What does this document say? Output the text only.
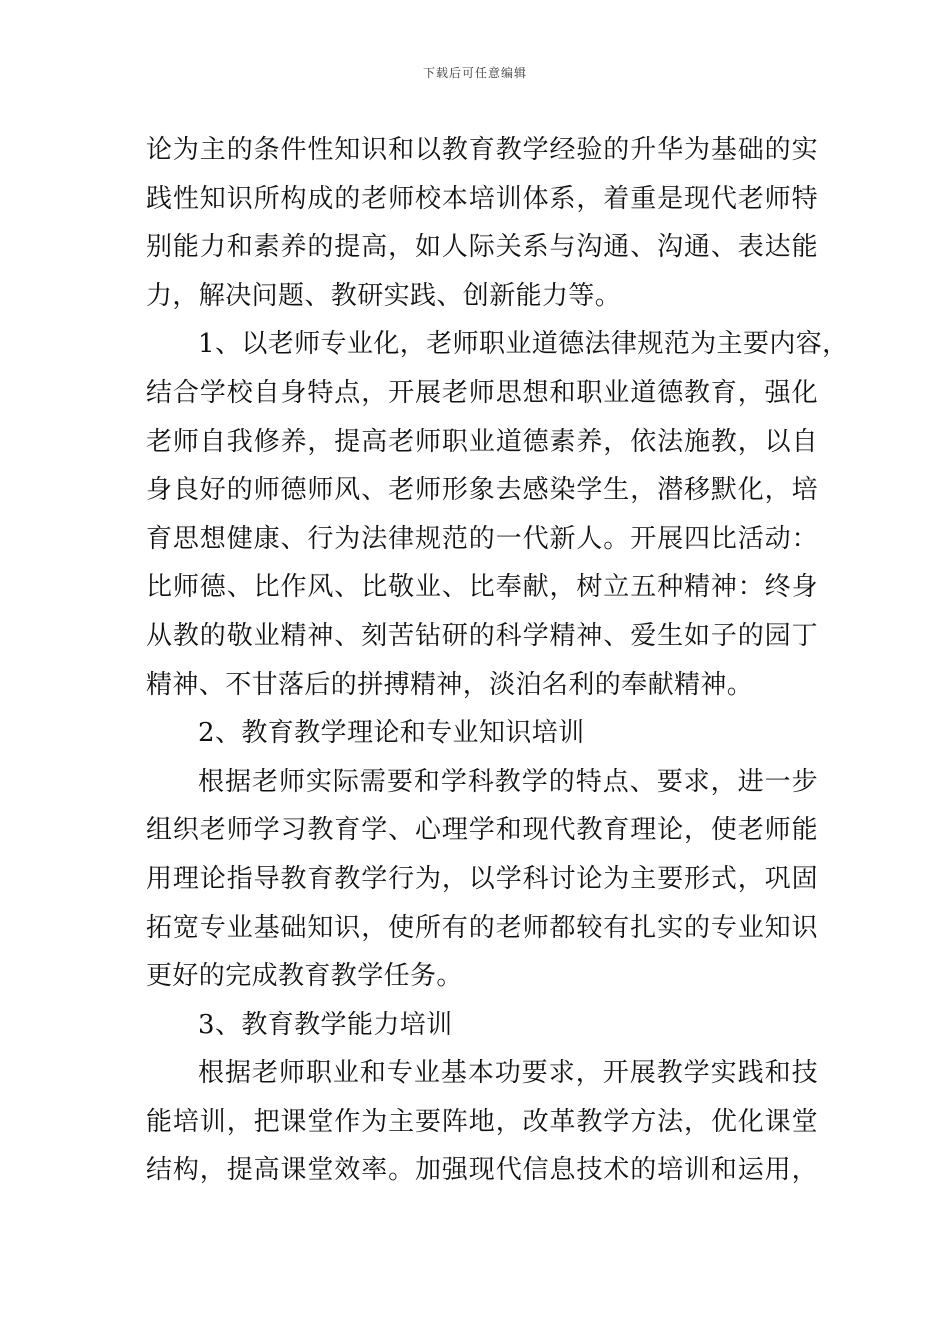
下载后可任意编辑
论为主的条件性知识和以教育教学经验的升华为基础的实
践性知识所构成的老师校本培训体系，着重是现代老师特
别能力和素养的提高，如人际关系与沟通、沟通、表达能
力，解决问题、教研实践、创新能力等。
1、以老师专业化，老师职业道德法律规范为主要内容，
结合学校自身特点，开展老师思想和职业道德教育，强化
老师自我修养，提高老师职业道德素养，依法施教，以自
身良好的师德师风、老师形象去感染学生，潜移默化，培
育思想健康、行为法律规范的一代新人。开展四比活动：
比师德、比作风、比敬业、比奉献，树立五种精神：终身
从教的敬业精神、刻苦钻研的科学精神、爱生如子的园丁
精神、不甘落后的拼搏精神，淡泊名利的奉献精神。
2、教育教学理论和专业知识培训
根据老师实际需要和学科教学的特点、要求，进一步
组织老师学习教育学、心理学和现代教育理论，使老师能
用理论指导教育教学行为，以学科讨论为主要形式，巩固
拓宽专业基础知识，使所有的老师都较有扎实的专业知识
更好的完成教育教学任务。
3、教育教学能力培训
根据老师职业和专业基本功要求，开展教学实践和技
能培训，把课堂作为主要阵地，改革教学方法，优化课堂
结构，提高课堂效率。加强现代信息技术的培训和运用，
